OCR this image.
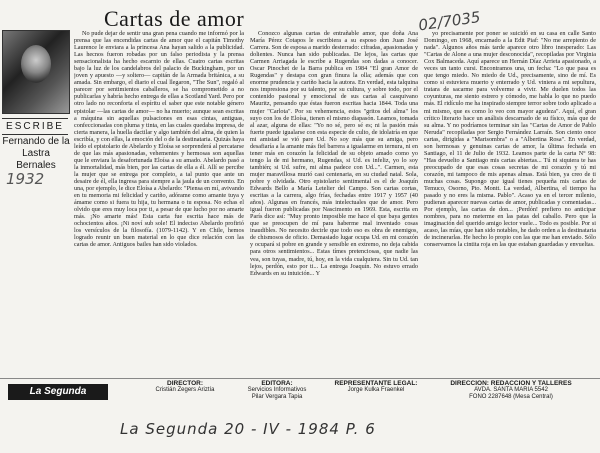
Cartas de amor	02/7035
ESCRIBE
Fernando de la Lastra Bernales
1932

No pude dejar de sentir una gran pena cuando me informó por la prensa que las encendidas cartas de amor que el capitán Timothy Laurence le enviara a la princesa Ana hayan salido a la publicidad. Las hecnos fueron robadas por un falso periodista y la prensa sensacionalista ha hecho escarnio de ellas. Cuatro cartas escritas bajo la luz de los candelabros del palacio de Buckingham, por un joven y apuesto —y soltero— capitán de la Armada británica, a su amada. Sin embargo, el diario el cual llegaron, "The Sun", regaló al parecer por sentimientos caballeros, se ha comprometido a no publicarlas y habría hecho entrega de ellas a Scotland Yard. Pero por otro lado no reconforta el espíritu el saber que este notable género epistolar —las cartas de amor— no ha muerto; aunque sean escritas a máquina sin aquellas pulsaciones en esas cintas, antiguas, confeccionadas con pluma y tinta, en las cuales quedaba impresa, de cierta manera, la huella dactilar y algo también del alma, de quien la escribía, y con ellas, la emoción del o de la destinataria. Quizás haya leído el epistolario de Abelardo y Eloísa se sorprenderá al percatarse de que las más apasionadas, vehementes y hermosas son aquellas que le enviara la desafortunada Eloísa a su amado. Abelardo pasó a la inmortalidad, más bien, por las cartas de ella a él. Allí se percibe la mujer que se entrega por completo, a tal punto que ante un desaire de él, ella ingresa para siempre a la jaula de un convento. En una, por ejemplo, le dice Eloísa a Abelardo: "Piensa en mí, avivando en tu memoria mi felicidad y cariño, adórame como amante tuya y ámame como si fuera tu hija, tu hermana o tu esposa. No echas el olvido que eres muy loca por ti, a pesar de que lucho por no amarte más. ¡No amarte más! Esta carta fue escrita hace más de ochocientos años. ¡Ni noví sub sole! El indeciso Abelardo profirió los versículos de la filosofía. (1079-1142). Y en Chile, hemos logrado reunir un buen material en lo que dice relación con las cartas de amor. Antiguos bailes han sido violados.

Conozco algunas cartas de entrañable amor, que doña Ana María Pérez Cotapos le escribiera a su esposo don Juan José Carrera. Son de esposa a marido desterrado: cifradas, apasionadas y dolientes. Nunca han sido publicadas. De lejos, las cartas que Carmen Arriagada le escribe a Rugendas son dadas a conocer. Oscar Pinochet de la Barra publica en 1984 "El gran Amor de Rugendas" y destapa con gran finura la olla; además que con enorme prudencia y cariño hacia la autora. En verdad, esta talquina nos impresiona por su talento, por su cultura, y sobre todo, por el contenido pasional y emocional de sus cartas al casquivano Mauritz, pensando que éstas fueron escritas hacia 1844. Toda una mujer "Carlota". Por su vehemencia, estos "gritos del alma" los suyo con los de Eloísa, tienen el mismo diapasón. Leamos, tomada al azar, alguna de ellas: "Yo no sé, pero sé es; ni la pasión más fuerte puede igualarse con esta especie de culto, de idolatría en que mi amistad se vió pare Ud. No soy más que su amiga, pero desafiaría a la amante más fiel barrera a igualarme en ternura, ni en tener más en corazón la felicidad de su objeto amado como yo tengo la de mi hermano, Rugendas, si Ud. es infeliz, yo lo soy también; si Ud. sufre, mi alma padece con Ud...". Carmen, esta mujer maravillosa murió casi centenaria, en su ciudad natal. Sola, pobre y olvidada. Otro epistolario sentimental es el de Joaquín Edwards Bello a María Letelier del Campo. Son cartas cortas, escritas a la carrera, algo frías, fechadas entre 1917 y 1957 (40 años). Algunas en francés, más intelectuales que de amor. Pero igual fueron publicadas por Nascimento en 1969. Esta, escrita en París dice así: "Muy pronto imposible me hace el que baya gentes que se preocupen de mí para haberme mal inventado cosas inaudibles. No necesito decirle que todo eso es obra de enemigos, de chismosos de oficio. Demasiado lugar ocupa Ud. en mi corazón y ocupará si pobre en grande y sensible en extremo, no deja cabida para otros sentimientos... Estas tímes pretenciosas, que nadie las vea, son tuyas, madre, tú, hoy, en la vida cualquiera. Sin tu Ud. tan lejos, perdón, esto por ti... La entrega Joaquín. No estuvo errado Edwards en su intuición... Y

yo precisamente por poner se suicidó en su casa en calle Santo Domingo, en 1968, encarnado a la Edit Piaf: "No me arrepiento de nada". Algunos años más tarde aparece otro libro inesperado: Las "Cartas de Alone a una mujer desconocida", recopiladas por Virginia Cox Balmaceda. Aquí aparece un Hernán Díaz Arrieta apasionado, a veces un tanto cursi. Encontramos una, un fecha: "Lo que pasa es que tengo miedo. No miedo de Ud., precisamente, sino de mí. Es como si estuviera muerto y enterrado y Ud. viniera a mi sepultura, tratara de sacarme para volverme a vivir. Me duelen todos las coyunturas, me siento estrero y cómodo, me habla lo que no puedo más. El ridículo me ha inspirado siempre terror sobre todo aplicado a mi mismo, que es como lo veo con mayor agudeza". Aquí, el gran crítico literario hace un análisis descarnado de su físico, más que de su alma. Y no podríamos terminar sin las "Cartas de Amor de Pablo Neruda" recopiladas por Sergio Fernández Larraín. Son ciento once cartas, dirigidas a "Marisombra" o a "Albertina Rosa". En verdad, son hermosas y genuinas cartas de amor, la última fechada en Santiago, el 11 de Julio de 1932. Leamos parte de la carta N° 98: "Has devuelto a Santiago mis cartas abiertas... Tú ni siquiera te has preocupado de que esas cosas secretas de mi corazón y tú mi corazón, mi tampoco de mis apenas almas. Está bien, ya creo de ti muchas cosas. Supongo que igual tienes pequeña mis cartas de Temuco, Osorno, Pto. Montt. La verdad, Albertina, el tiempo ha pasado y no eres la misma. Pablo". Acaso ya en el tercer milenio, pudieran aparecer nuevas cartas de amor, publicadas y comentadas... Por ejemplo, las cartas de don... ¡Perdón! prefiero no anticipar nombres, para no meterme en las patas del caballo. Pero que la imaginación del querido amigo lector vuele... Todo es posible. Por si acaso, las mías, que han sido notables, he dado orden a la destinataria de incinerarlas. He hecho lo propio con las que me han enviado. Sólo conservamos la cintita roja en las que estaban guardadas y envueltas.

La Segunda
DIRECTOR:
Cristián Zegers Ariztía
EDITORA:
Servicios Informativos
Pilar Vergara Tapia
REPRESENTANTE LEGAL:
Jorge Kulka Fraenkel
DIRECCION: REDACCION Y TALLERES
AVDA. SANTA MARIA 5542
FONO 2287648 (Mesa Central)
La Segunda 20 - IV - 1984 P. 6
